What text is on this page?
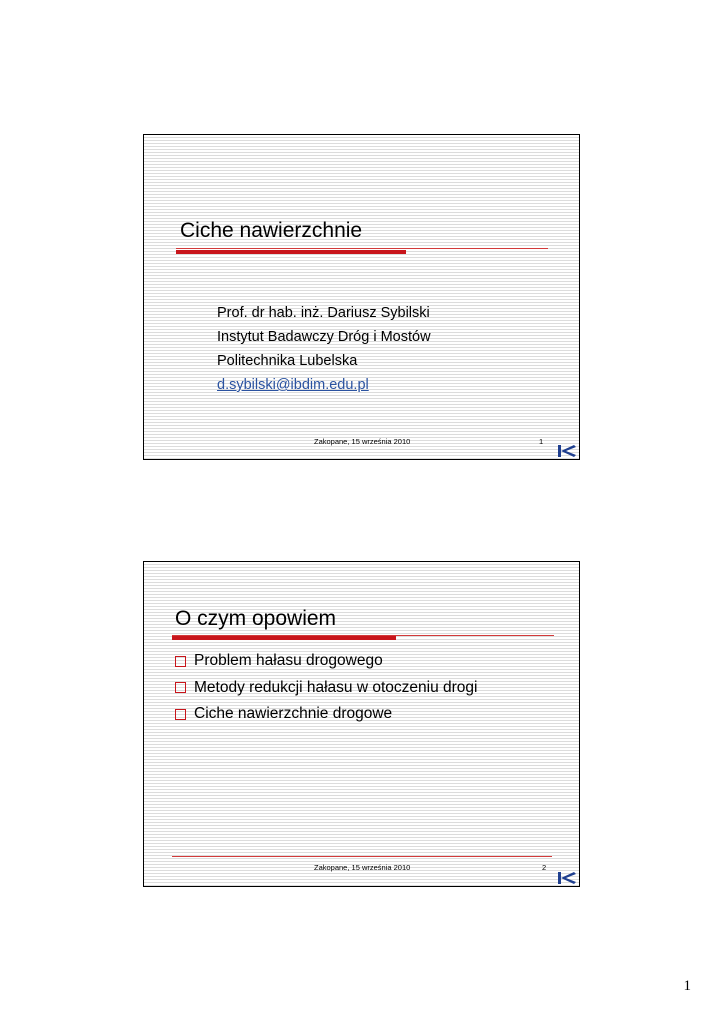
Ciche nawierzchnie
Prof. dr hab. inż. Dariusz Sybilski
Instytut Badawczy Dróg i Mostów
Politechnika Lubelska
d.sybilski@ibdim.edu.pl
Zakopane, 15 września 2010	1
O czym opowiem
Problem hałasu drogowego
Metody redukcji hałasu w otoczeniu drogi
Ciche nawierzchnie drogowe
Zakopane, 15 września 2010	2
1
